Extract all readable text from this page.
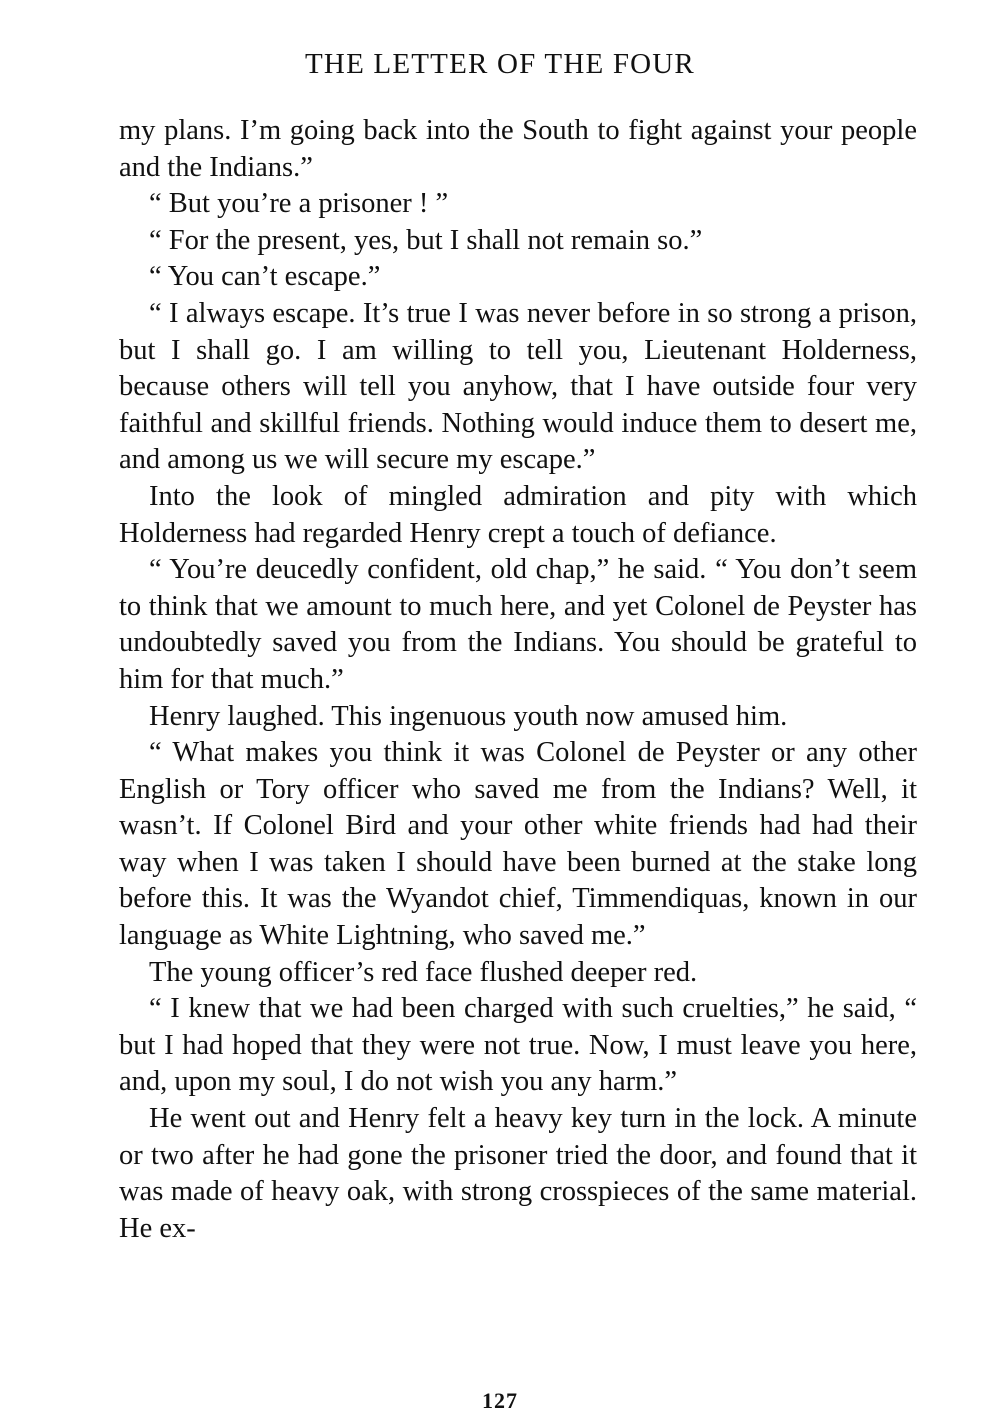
THE LETTER OF THE FOUR

my plans. I’m going back into the South to fight against your people and the Indians.”

“ But you’re a prisoner ! ”

“ For the present, yes, but I shall not remain so.”

“ You can’t escape.”

“ I always escape. It’s true I was never before in so strong a prison, but I shall go. I am willing to tell you, Lieutenant Holderness, because others will tell you anyhow, that I have outside four very faithful and skillful friends. Nothing would induce them to desert me, and among us we will secure my escape.”

Into the look of mingled admiration and pity with which Holderness had regarded Henry crept a touch of defiance.

“ You’re deucedly confident, old chap,” he said. “ You don’t seem to think that we amount to much here, and yet Colonel de Peyster has undoubtedly saved you from the Indians. You should be grateful to him for that much.”

Henry laughed. This ingenuous youth now amused him.

“ What makes you think it was Colonel de Peyster or any other English or Tory officer who saved me from the Indians? Well, it wasn’t. If Colonel Bird and your other white friends had had their way when I was taken I should have been burned at the stake long before this. It was the Wyandot chief, Timmendiquas, known in our language as White Lightning, who saved me.”

The young officer’s red face flushed deeper red.

“ I knew that we had been charged with such cruelties,” he said, “ but I had hoped that they were not true. Now, I must leave you here, and, upon my soul, I do not wish you any harm.”

He went out and Henry felt a heavy key turn in the lock. A minute or two after he had gone the prisoner tried the door, and found that it was made of heavy oak, with strong crosspieces of the same material. He ex-

127
